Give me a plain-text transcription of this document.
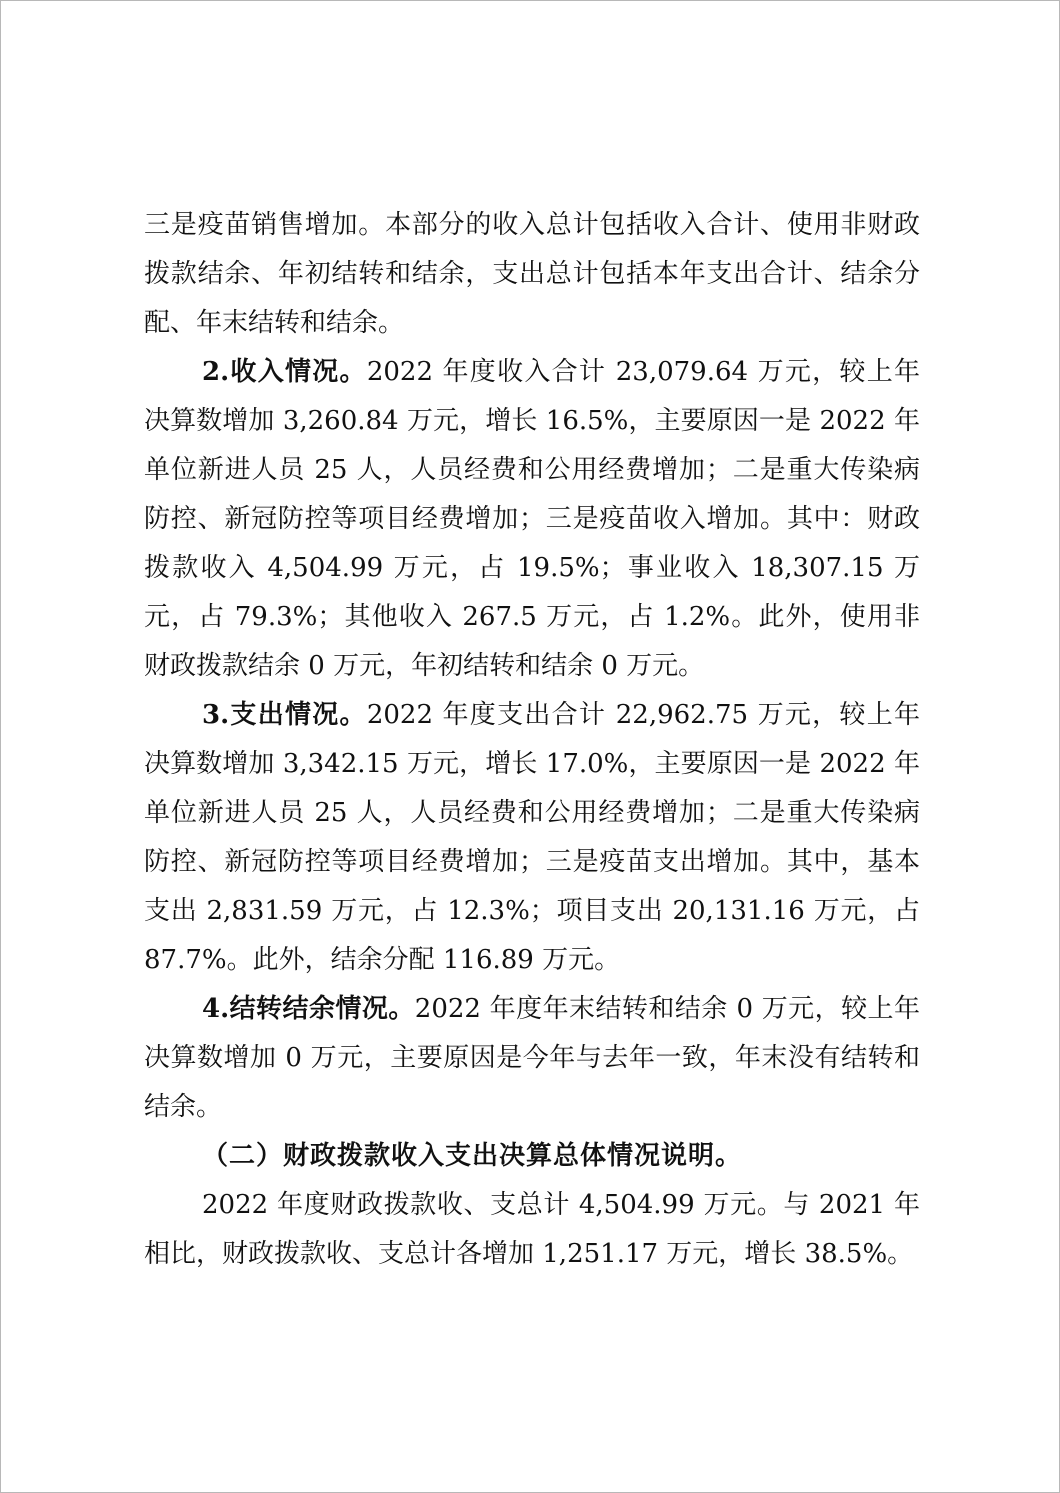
三是疫苗销售增加。本部分的收入总计包括收入合计、使用非财政拨款结余、年初结转和结余，支出总计包括本年支出合计、结余分配、年末结转和结余。

2.收入情况。2022 年度收入合计 23,079.64 万元，较上年决算数增加 3,260.84 万元，增长 16.5%，主要原因一是 2022 年单位新进人员 25 人，人员经费和公用经费增加；二是重大传染病防控、新冠防控等项目经费增加；三是疫苗收入增加。其中：财政拨款收入 4,504.99 万元，占 19.5%；事业收入 18,307.15 万元，占 79.3%；其他收入 267.5 万元，占 1.2%。此外，使用非财政拨款结余 0 万元，年初结转和结余 0 万元。

3.支出情况。2022 年度支出合计 22,962.75 万元，较上年决算数增加 3,342.15 万元，增长 17.0%，主要原因一是 2022 年单位新进人员 25 人，人员经费和公用经费增加；二是重大传染病防控、新冠防控等项目经费增加；三是疫苗支出增加。其中，基本支出 2,831.59 万元，占 12.3%；项目支出 20,131.16 万元，占 87.7%。此外，结余分配 116.89 万元。

4.结转结余情况。2022 年度年末结转和结余 0 万元，较上年决算数增加 0 万元，主要原因是今年与去年一致，年末没有结转和结余。

（二）财政拨款收入支出决算总体情况说明。

2022 年度财政拨款收、支总计 4,504.99 万元。与 2021 年相比，财政拨款收、支总计各增加 1,251.17 万元，增长 38.5%。
